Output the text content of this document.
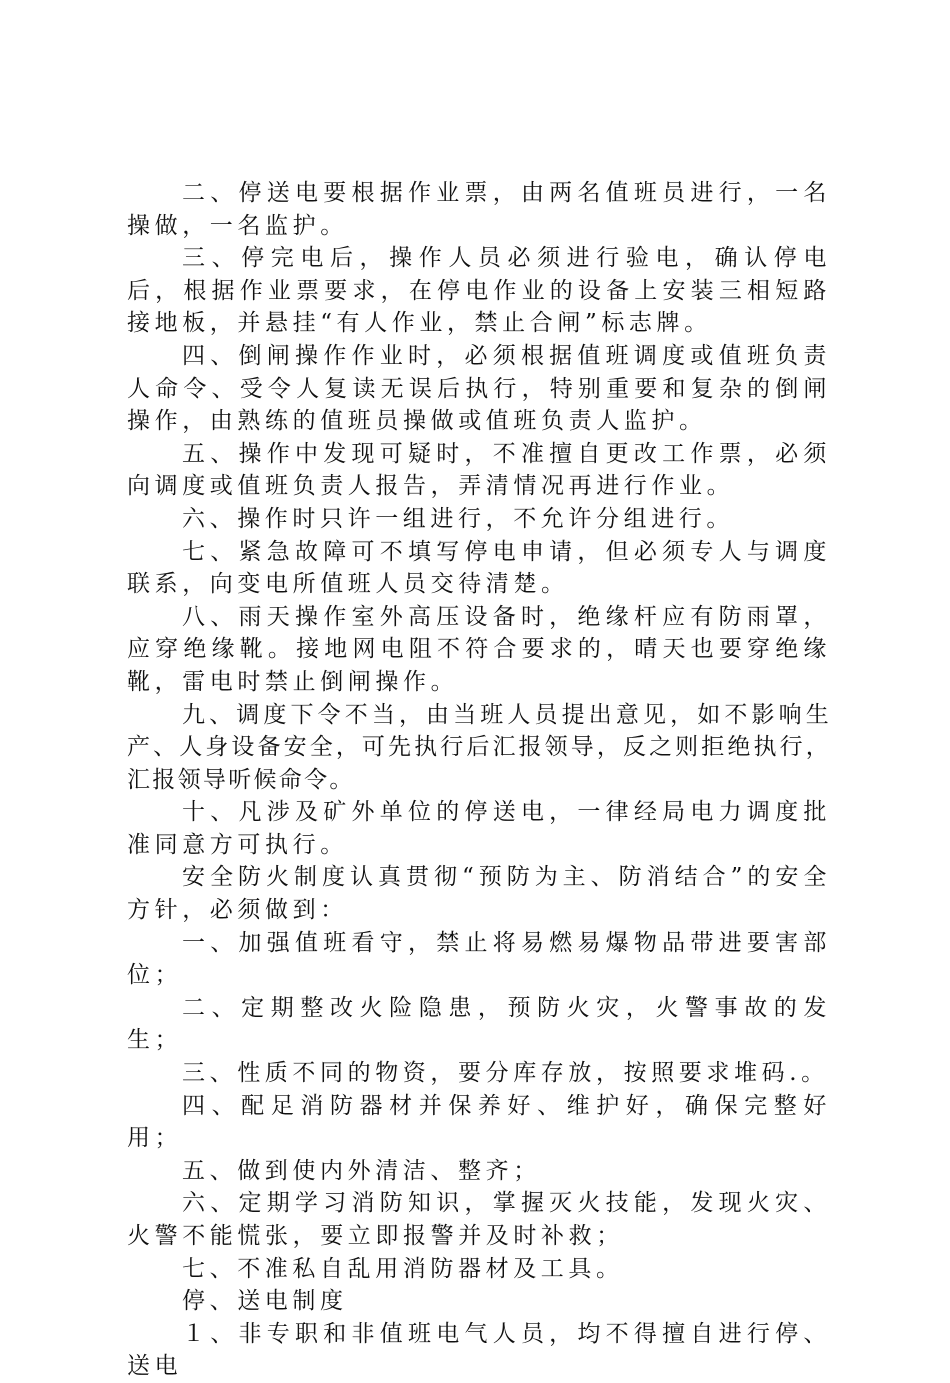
二、停送电要根据作业票，由两名值班员进行，一名操做，一名监护。

三、停完电后，操作人员必须进行验电，确认停电后，根据作业票要求，在停电作业的设备上安装三相短路接地板，并悬挂“有人作业，禁止合闸”标志牌。

四、倒闸操作作业时，必须根据值班调度或值班负责人命令、受令人复读无误后执行，特别重要和复杂的倒闸操作，由熟练的值班员操做或值班负责人监护。

五、操作中发现可疑时，不准擅自更改工作票，必须向调度或值班负责人报告，弄清情况再进行作业。

六、操作时只许一组进行，不允许分组进行。

七、紧急故障可不填写停电申请，但必须专人与调度联系，向变电所值班人员交待清楚。

八、雨天操作室外高压设备时，绝缘杆应有防雨罩，应穿绝缘靴。接地网电阻不符合要求的，晴天也要穿绝缘靴，雷电时禁止倒闸操作。

九、调度下令不当，由当班人员提出意见，如不影响生产、人身设备安全，可先执行后汇报领导，反之则拒绝执行，汇报领导听候命令。

十、凡涉及矿外单位的停送电，一律经局电力调度批准同意方可执行。

安全防火制度认真贯彻“预防为主、防消结合”的安全方针，必须做到：

一、加强值班看守，禁止将易燃易爆物品带进要害部位；

二、定期整改火险隐患，预防火灾，火警事故的发生；

三、性质不同的物资，要分库存放，按照要求堆码.。

四、配足消防器材并保养好、维护好，确保完整好用；

五、做到使内外清洁、整齐；

六、定期学习消防知识，掌握灭火技能，发现火灾、火警不能慌张，要立即报警并及时补救；

七、不准私自乱用消防器材及工具。

停、送电制度

１、非专职和非值班电气人员，均不得擅自进行停、送电
